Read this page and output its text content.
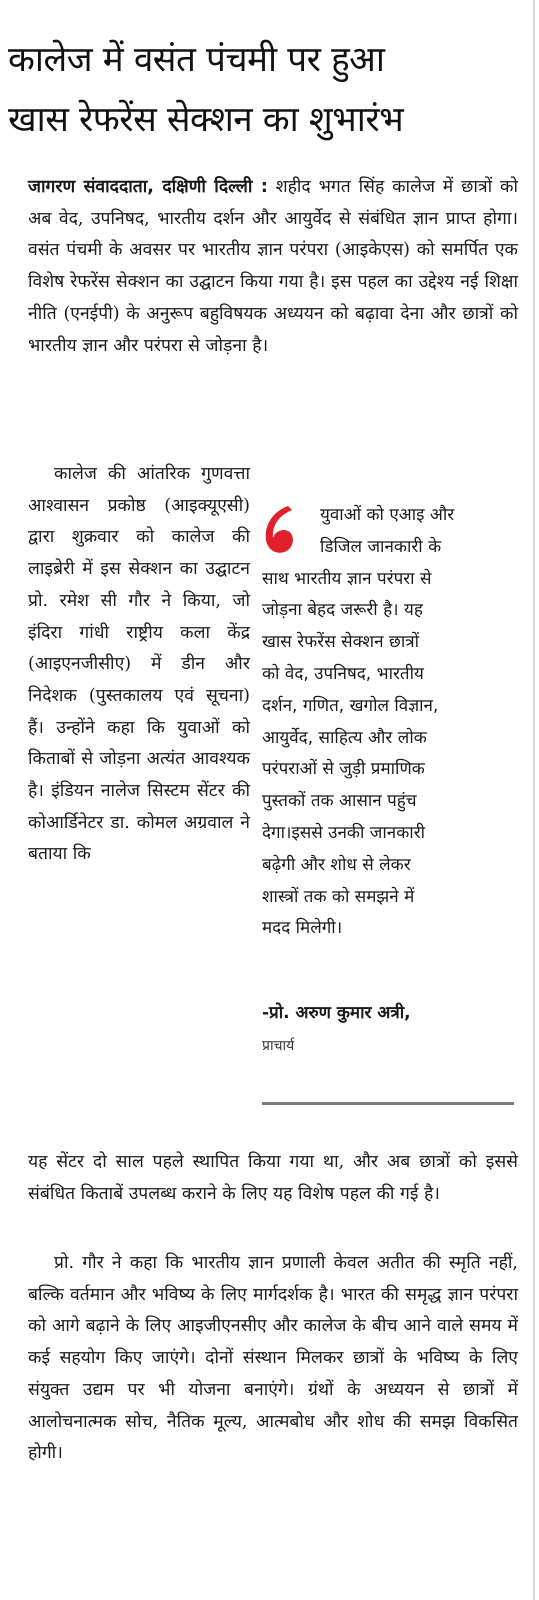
कालेज में वसंत पंचमी पर हुआ
खास रेफरेंस सेक्शन का शुभारंभ

जागरण संवाददाता, दक्षिणी दिल्ली : शहीद भगत सिंह कालेज में छात्रों को अब वेद, उपनिषद, भारतीय दर्शन और आयुर्वेद से संबंधित ज्ञान प्राप्त होगा। वसंत पंचमी के अवसर पर भारतीय ज्ञान परंपरा (आइकेएस) को समर्पित एक विशेष रेफरेंस सेक्शन का उद्घाटन किया गया है। इस पहल का उद्देश्य नई शिक्षा नीति (एनईपी) के अनुरूप बहुविषयक अध्ययन को बढ़ावा देना और छात्रों को भारतीय ज्ञान और परंपरा से जोड़ना है।

कालेज की आंतरिक गुणवत्ता आश्वासन प्रकोष्ठ (आइक्यूएसी) द्वारा शुक्रवार को कालेज की लाइब्रेरी में इस सेक्शन का उद्घाटन प्रो. रमेश सी गौर ने किया, जो इंदिरा गांधी राष्ट्रीय कला केंद्र (आइएनजीसीए) में डीन और निदेशक (पुस्तकालय एवं सूचना) हैं। उन्होंने कहा कि युवाओं को किताबों से जोड़ना अत्यंत आवश्यक है। इंडियन नालेज सिस्टम सेंटर की कोआर्डिनेटर डा. कोमल अग्रवाल ने बताया कि

युवाओं को एआइ और
डिजिल जानकारी के
साथ भारतीय ज्ञान परंपरा से
जोड़ना बेहद जरूरी है। यह
खास रेफरेंस सेक्शन छात्रों
को वेद, उपनिषद, भारतीय
दर्शन, गणित, खगोल विज्ञान,
आयुर्वेद, साहित्य और लोक
परंपराओं से जुड़ी प्रमाणिक
पुस्तकों तक आसान पहुंच
देगा।इससे उनकी जानकारी
बढ़ेगी और शोध से लेकर
शास्त्रों तक को समझने में
मदद मिलेगी।

-प्रो. अरुण कुमार अत्री,

प्राचार्य

यह सेंटर दो साल पहले स्थापित किया गया था, और अब छात्रों को इससे संबंधित किताबें उपलब्ध कराने के लिए यह विशेष पहल की गई है।

प्रो. गौर ने कहा कि भारतीय ज्ञान प्रणाली केवल अतीत की स्मृति नहीं, बल्कि वर्तमान और भविष्य के लिए मार्गदर्शक है। भारत की समृद्ध ज्ञान परंपरा को आगे बढ़ाने के लिए आइजीएनसीए और कालेज के बीच आने वाले समय में कई सहयोग किए जाएंगे। दोनों संस्थान मिलकर छात्रों के भविष्य के लिए संयुक्त उद्यम पर भी योजना बनाएंगे। ग्रंथों के अध्ययन से छात्रों में आलोचनात्मक सोच, नैतिक मूल्य, आत्मबोध और शोध की समझ विकसित होगी।
